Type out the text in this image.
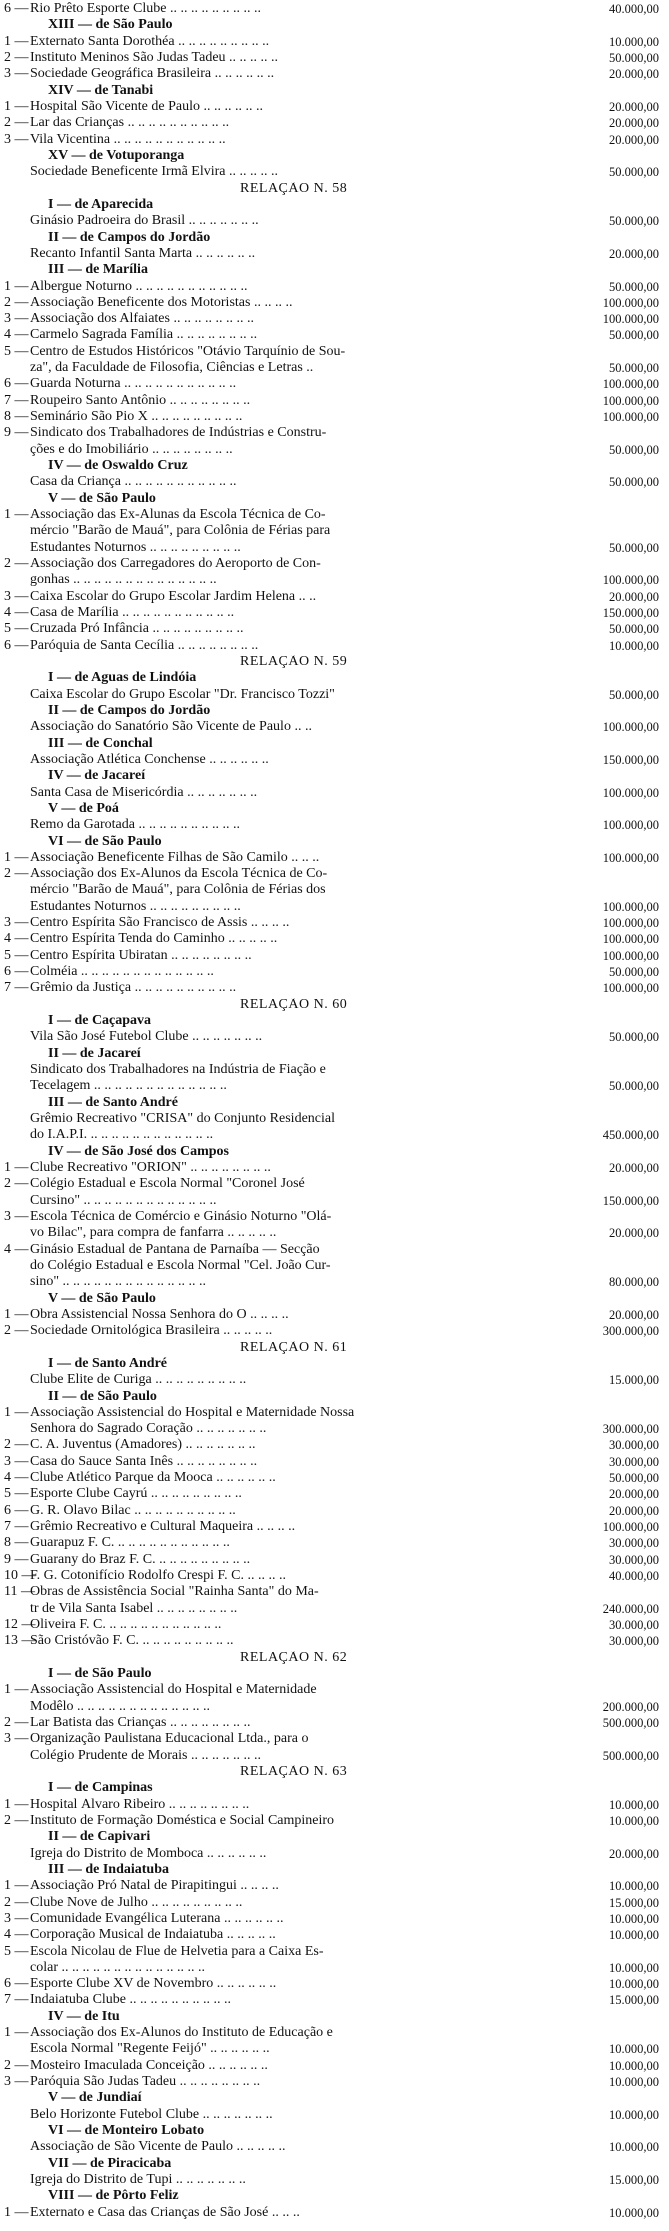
6 — Rio Prêto Esporte Clube .. .. .. .. .. .. .. .. ..	40.000,00
XIII — de São Paulo
1 — Externato Santa Dorothéa .. .. .. .. .. .. .. .. ..	10.000,00
2 — Instituto Meninos São Judas Tadeu .. .. .. .. ..	50.000,00
3 — Sociedade Geográfica Brasileira .. .. .. .. .. ..	20.000,00
XIV — de Tanabi
1 — Hospital São Vicente de Paulo .. .. .. .. .. ..	20.000,00
2 — Lar das Crianças .. .. .. .. .. .. .. .. .. ..	20.000,00
3 — Vila Vicentina .. .. .. .. .. .. .. .. .. .. ..	20.000,00
XV — de Votuporanga
Sociedade Beneficente Irmã Elvira .. .. .. .. ..	50.000,00
RELAÇÃO N. 58
I — de Aparecida
Ginásio Padroeira do Brasil .. .. .. .. .. .. ..	50.000,00
II — de Campos do Jordão
Recanto Infantil Santa Marta .. .. .. .. .. ..	20.000,00
III — de Marília
1 — Albergue Noturno .. .. .. .. .. .. .. .. .. .. ..	50.000,00
2 — Associação Beneficente dos Motoristas .. .. .. ..	100.000,00
3 — Associação dos Alfaiates .. .. .. .. .. .. .. ..	100.000,00
4 — Carmelo Sagrada Família .. .. .. .. .. .. .. ..	50.000,00
5 — Centro de Estudos Históricos "Otávio Tarquínio de Sou-
za", da Faculdade de Filosofia, Ciências e Letras ..	50.000,00
6 — Guarda Noturna .. .. .. .. .. .. .. .. .. .. ..	100.000,00
7 — Roupeiro Santo Antônio .. .. .. .. .. .. .. ..	100.000,00
8 — Seminário São Pio X .. .. .. .. .. .. .. .. ..	100.000,00
9 — Sindicato dos Trabalhadores de Indústrias e Constru-
ções e do Imobiliário .. .. .. .. .. .. .. ..	50.000,00
IV — de Oswaldo Cruz
Casa da Criança .. .. .. .. .. .. .. .. .. .. ..	50.000,00
V — de São Paulo
1 — Associação das Ex-Alunas da Escola Técnica de Co-
mércio "Barão de Mauá", para Colônia de Férias para
Estudantes Noturnos .. .. .. .. .. .. .. .. ..	50.000,00
2 — Associação dos Carregadores do Aeroporto de Con-
gonhas .. .. .. .. .. .. .. .. .. .. .. .. .. ..	100.000,00
3 — Caixa Escolar do Grupo Escolar Jardim Helena .. ..	20.000,00
4 — Casa de Marília .. .. .. .. .. .. .. .. .. .. ..	150.000,00
5 — Cruzada Pró Infância .. .. .. .. .. .. .. .. ..	50.000,00
6 — Paróquia de Santa Cecília .. .. .. .. .. .. .. ..	10.000,00
RELAÇÃO N. 59
I — de Aguas de Lindóia
Caixa Escolar do Grupo Escolar "Dr. Francisco Tozzi"	50.000,00
II — de Campos do Jordão
Associação do Sanatório São Vicente de Paulo .. ..	100.000,00
III — de Conchal
Associação Atlética Conchense .. .. .. .. .. ..	150.000,00
IV — de Jacareí
Santa Casa de Misericórdia .. .. .. .. .. .. ..	100.000,00
V — de Poá
Remo da Garotada .. .. .. .. .. .. .. .. .. ..	100.000,00
VI — de São Paulo
1 — Associação Beneficente Filhas de São Camilo .. .. ..	100.000,00
2 — Associação dos Ex-Alunos da Escola Técnica de Co-
mércio "Barão de Mauá", para Colônia de Férias dos
Estudantes Noturnos .. .. .. .. .. .. .. .. ..	100.000,00
3 — Centro Espírita São Francisco de Assis .. .. .. ..	100.000,00
4 — Centro Espírita Tenda do Caminho .. .. .. .. ..	100.000,00
5 — Centro Espírita Ubiratan .. .. .. .. .. .. .. ..	100.000,00
6 — Colméia .. .. .. .. .. .. .. .. .. .. .. .. ..	50.000,00
7 — Grêmio da Justiça .. .. .. .. .. .. .. .. .. ..	100.000,00
RELAÇÃO N. 60
I — de Caçapava
Vila São José Futebol Clube .. .. .. .. .. .. ..	50.000,00
II — de Jacareí
Sindicato dos Trabalhadores na Indústria de Fiação e
Tecelagem .. .. .. .. .. .. .. .. .. .. .. .. ..	50.000,00
III — de Santo André
Grêmio Recreativo "CRISA" do Conjunto Residencial
do I.A.P.I. .. .. .. .. .. .. .. .. .. .. .. ..	450.000,00
IV — de São José dos Campos
1 — Clube Recreativo "ORION" .. .. .. .. .. .. .. ..	20.000,00
2 — Colégio Estadual e Escola Normal "Coronel José
Cursino" .. .. .. .. .. .. .. .. .. .. .. .. ..	150.000,00
3 — Escola Técnica de Comércio e Ginásio Noturno "Olá-
vo Bilac", para compra de fanfarra .. .. .. .. ..	20.000,00
4 — Ginásio Estadual de Pantana de Parnaíba — Secção
do Colégio Estadual e Escola Normal "Cel. João Cur-
sino" .. .. .. .. .. .. .. .. .. .. .. .. .. ..	80.000,00
V — de São Paulo
1 — Obra Assistencial Nossa Senhora do Ó .. .. .. ..	20.000,00
2 — Sociedade Ornitológica Brasileira .. .. .. .. ..	300.000,00
RELAÇÃO N. 61
I — de Santo André
Clube Elite de Curiga .. .. .. .. .. .. .. .. ..	15.000,00
II — de São Paulo
1 — Associação Assistencial do Hospital e Maternidade Nossa
Senhora do Sagrado Coração .. .. .. .. .. .. ..	300.000,00
2 — C. A. Juventus (Amadores) .. .. .. .. .. .. ..	30.000,00
3 — Casa do Sauce Santa Inês .. .. .. .. .. .. .. ..	30.000,00
4 — Clube Atlético Parque da Mooca .. .. .. .. .. ..	50.000,00
5 — Esporte Clube Cayrú .. .. .. .. .. .. .. .. ..	20.000,00
6 — G. R. Olavo Bilac .. .. .. .. .. .. .. .. .. ..	20.000,00
7 — Grêmio Recreativo e Cultural Maqueira .. .. .. ..	100.000,00
8 — Guarapuz F. C. .. .. .. .. .. .. .. .. .. .. ..	30.000,00
9 — Guarany do Braz F. C. .. .. .. .. .. .. .. .. ..	30.000,00
10 —
F. G. Cotonifício Rodolfo Crespi F. C. .. .. .. ..	40.000,00
11 —
Obras de Assistência Social "Rainha Santa" do Ma-
tr de Vila Santa Isabel .. .. .. .. .. .. .. ..	240.000,00
12 —
Oliveira F. C. .. .. .. .. .. .. .. .. .. .. ..	30.000,00
13 —
São Cristóvão F. C. .. .. .. .. .. .. .. .. ..	30.000,00
RELAÇÃO N. 62
I — de São Paulo
1 — Associação Assistencial do Hospital e Maternidade
Modêlo .. .. .. .. .. .. .. .. .. .. .. .. ..	200.000,00
2 — Lar Batista das Crianças .. .. .. .. .. .. .. ..	500.000,00
3 — Organização Paulistana Educacional Ltda., para o
Colégio Prudente de Morais .. .. .. .. .. .. ..	500.000,00
RELAÇÃO N. 63
I — de Campinas
1 — Hospital Álvaro Ribeiro .. .. .. .. .. .. .. ..	10.000,00
2 — Instituto de Formação Doméstica e Social Campineiro	10.000,00
II — de Capivari
Igreja do Distrito de Momboca .. .. .. .. .. ..	20.000,00
III — de Indaiatuba
1 — Associação Pró Natal de Pirapitingui .. .. .. ..	10.000,00
2 — Clube Nove de Julho .. .. .. .. .. .. .. .. ..	15.000,00
3 — Comunidade Evangélica Luterana .. .. .. .. .. ..	10.000,00
4 — Corporação Musical de Indaiatuba .. .. .. .. ..	10.000,00
5 — Escola Nicolau de Flue de Helvetia para a Caixa Es-
colar .. .. .. .. .. .. .. .. .. .. .. .. .. ..	10.000,00
6 — Esporte Clube XV de Novembro .. .. .. .. .. ..	10.000,00
7 — Indaiatuba Clube .. .. .. .. .. .. .. .. .. ..	15.000,00
IV — de Itu
1 — Associação dos Ex-Alunos do Instituto de Educação e
Escola Normal "Regente Feijó" .. .. .. .. .. ..	10.000,00
2 — Mosteiro Imaculada Conceição .. .. .. .. .. ..	10.000,00
3 — Paróquia São Judas Tadeu .. .. .. .. .. .. .. ..	10.000,00
V — de Jundiaí
Belo Horizonte Futebol Clube .. .. .. .. .. .. ..	10.000,00
VI — de Monteiro Lobato
Associação de São Vicente de Paulo .. .. .. .. ..	10.000,00
VII — de Piracicaba
Igreja do Distrito de Tupi .. .. .. .. .. .. ..	15.000,00
VIII — de Pôrto Feliz
1 — Externato e Casa das Crianças de São José .. .. ..	10.000,00
